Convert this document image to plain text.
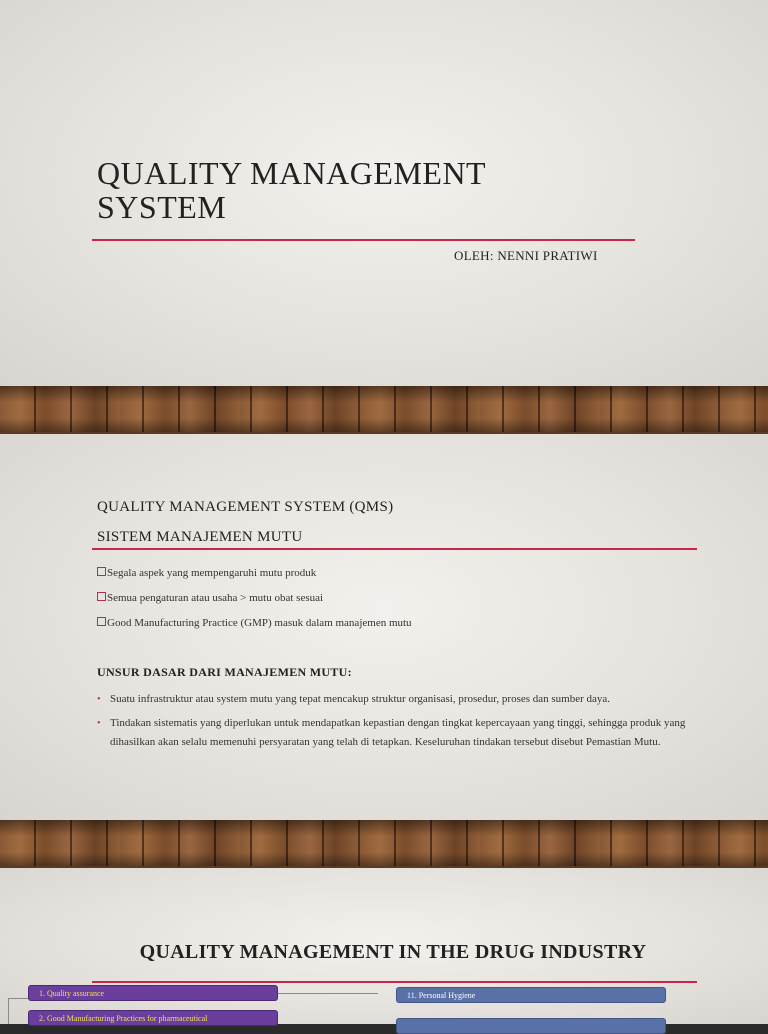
QUALITY MANAGEMENT
SYSTEM
OLEH: NENNI PRATIWI
QUALITY MANAGEMENT SYSTEM (QMS)
SISTEM MANAJEMEN MUTU
Segala aspek yang mempengaruhi mutu produk
Semua pengaturan atau usaha > mutu obat sesuai
Good Manufacturing Practice (GMP) masuk dalam manajemen mutu
UNSUR DASAR DARI MANAJEMEN MUTU:
• Suatu infrastruktur atau system mutu yang tepat mencakup struktur organisasi, prosedur, proses dan sumber daya.
• Tindakan sistematis yang diperlukan untuk mendapatkan kepastian dengan tingkat kepercayaan yang tinggi, sehingga produk yang dihasilkan akan selalu memenuhi persyaratan yang telah di tetapkan. Keseluruhan tindakan tersebut disebut Pemastian Mutu.
QUALITY MANAGEMENT IN THE DRUG INDUSTRY
1. Quality assurance
2. Good Manufacturing Practices for pharmaceutical
11. Personal Hygiene
